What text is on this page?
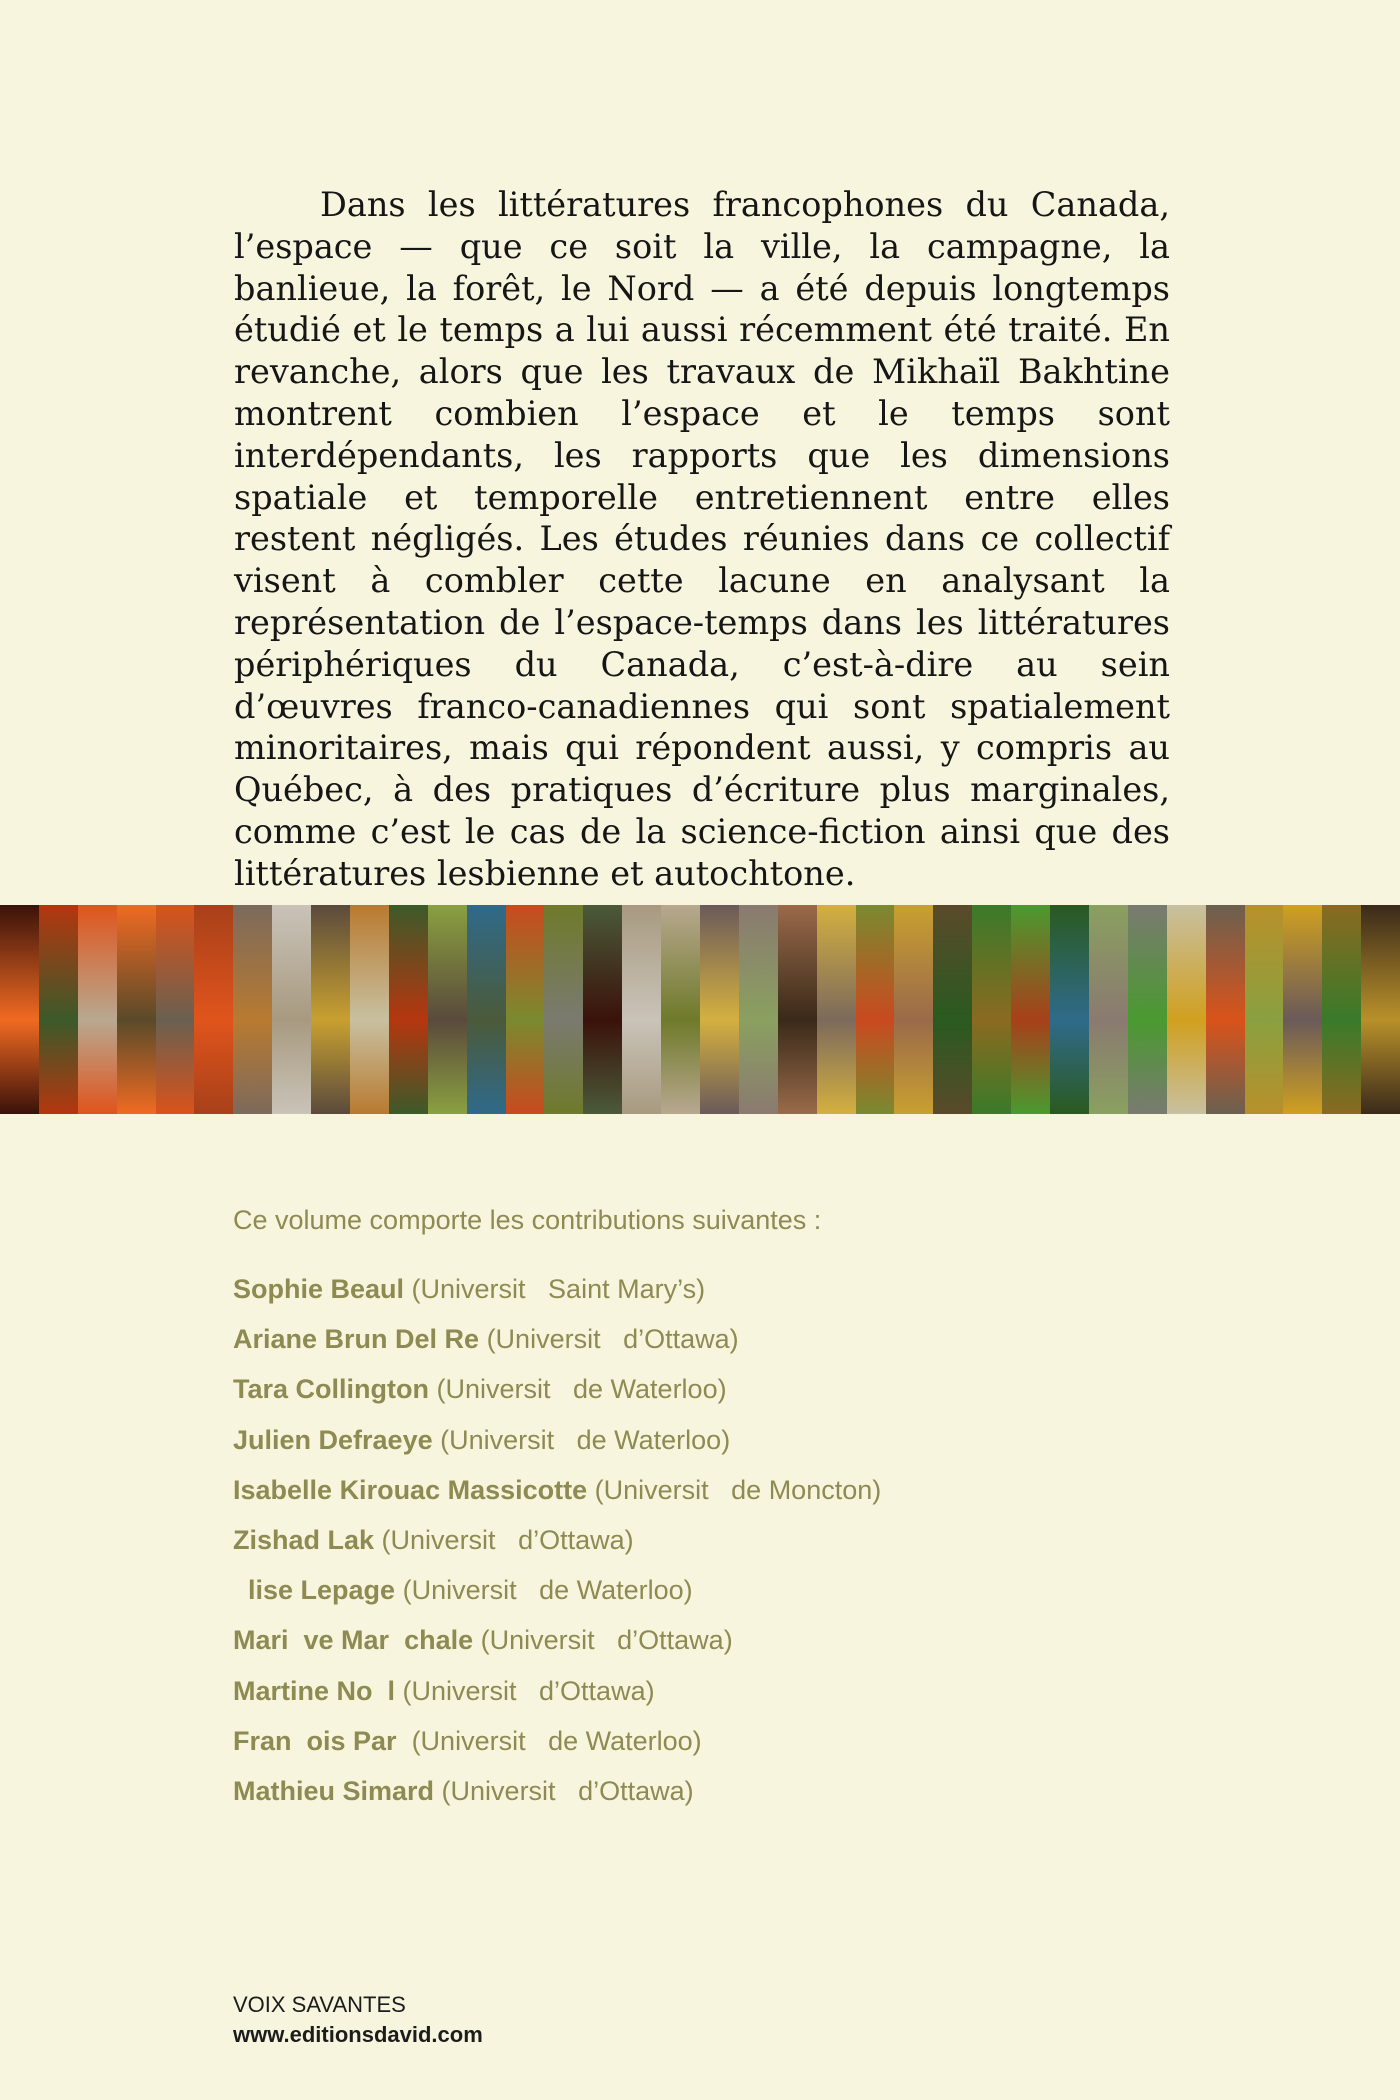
Dans les littératures francophones du Canada, l’espace — que ce soit la ville, la campagne, la banlieue, la forêt, le Nord — a été depuis longtemps étudié et le temps a lui aussi récemment été traité. En revanche, alors que les travaux de Mikhaïl Bakhtine montrent combien l’espace et le temps sont interdépendants, les rapports que les dimensions spatiale et temporelle entretiennent entre elles restent négligés. Les études réunies dans ce collectif visent à combler cette lacune en analysant la représentation de l’espace-temps dans les littératures périphériques du Canada, c’est-à-dire au sein d’œuvres franco-canadiennes qui sont spatialement minoritaires, mais qui répondent aussi, y compris au Québec, à des pratiques d’écriture plus marginales, comme c’est le cas de la science-fiction ainsi que des littératures lesbienne et autochtone.

Ce volume comporte les contributions suivantes :
Sophie Beaul (Universit   Saint Mary’s)
Ariane Brun Del Re (Universit   d’Ottawa)
Tara Collington (Universit   de Waterloo)
Julien Defraeye (Universit   de Waterloo)
Isabelle Kirouac Massicotte (Universit   de Moncton)
Zishad Lak (Universit   d’Ottawa)
lise Lepage (Universit   de Waterloo)
Mari  ve Mar  chale (Universit   d’Ottawa)
Martine No  l (Universit   d’Ottawa)
Fran  ois Par  (Universit   de Waterloo)
Mathieu Simard (Universit   d’Ottawa)
VOIX SAVANTES
www.editionsdavid.com
